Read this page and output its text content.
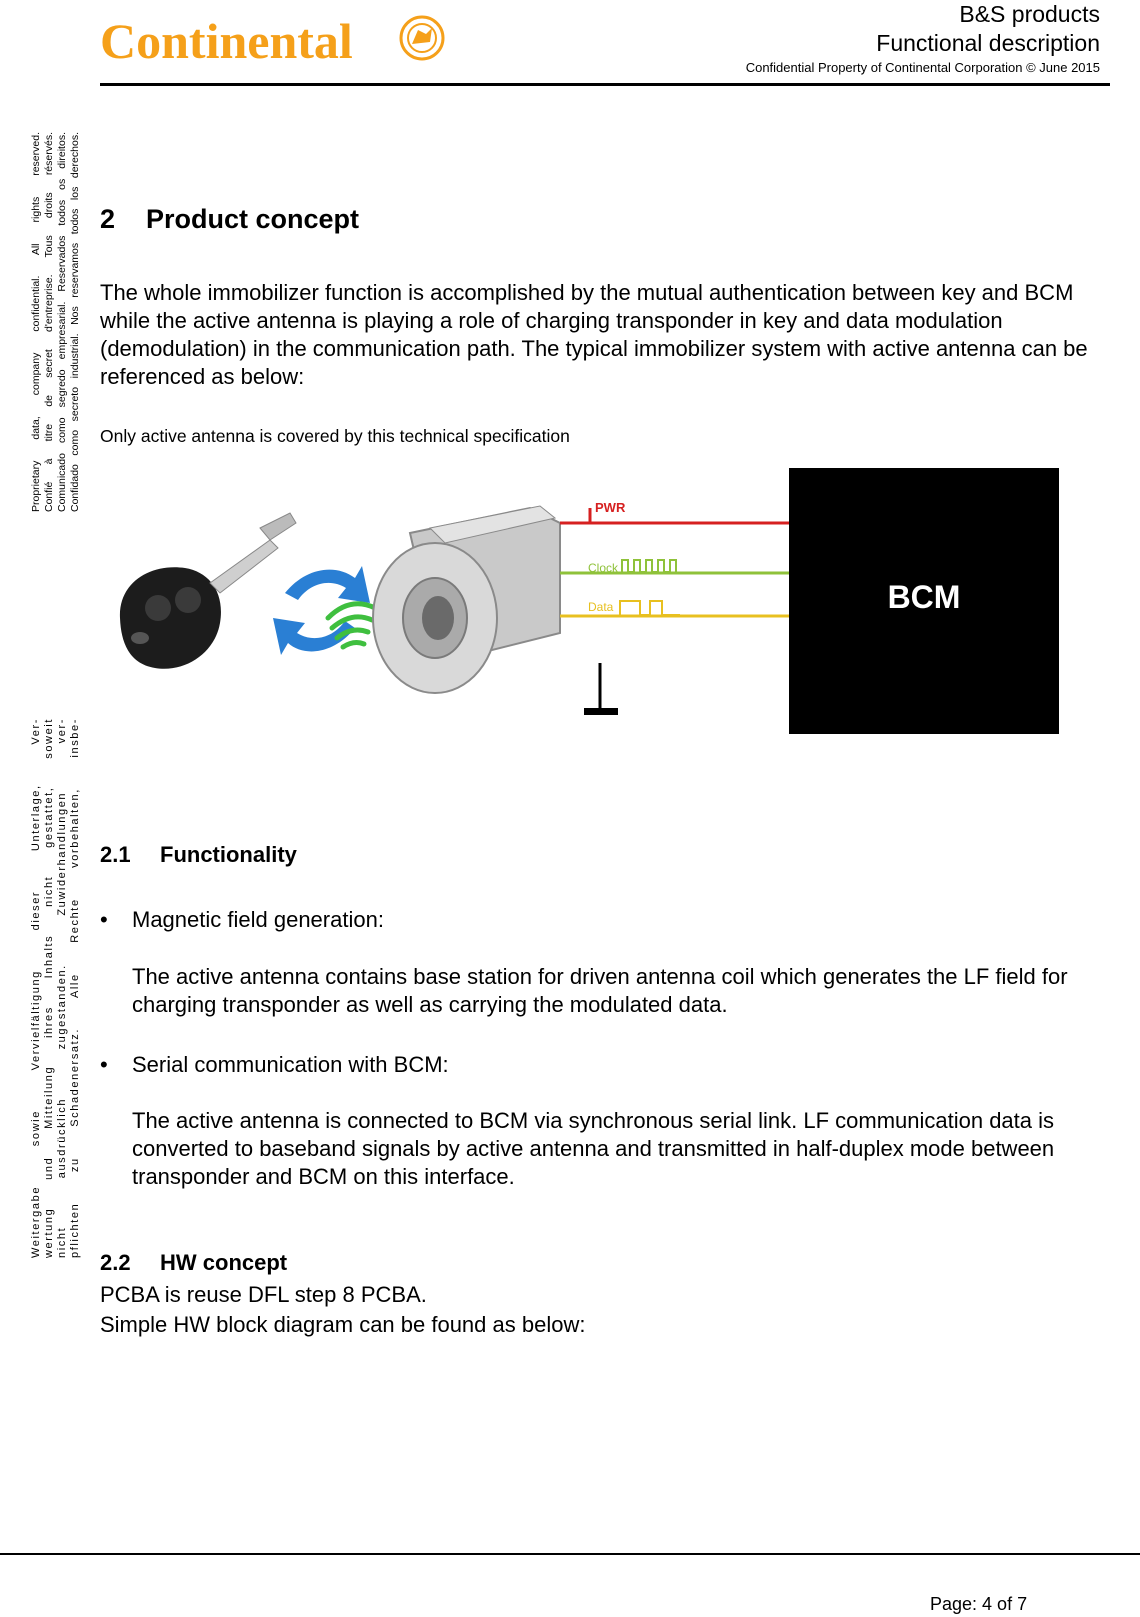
Continental	B&S products
Functional description
Confidential Property of Continental Corporation © June 2015
Proprietary data, company confidential. All rights reserved. Confié à titre de secret d'entreprise. Tous droits réservés. Comunicado como segredo empresarial. Reservados todos os direitos. Confidado como secreto industrial. Nos reservamos todos los derechos.
Weitergabe sowie Vervielfältigung dieser Unterlage, Ver- wertung und Mitteilung ihres Inhalts nicht gestattet, soweit nicht ausdrücklich zugestanden. Zuwiderhandlungen ver- pflichten zu Schadenersatz. Alle Rechte vorbehalten, insbe-
2 Product concept
The whole immobilizer function is accomplished by the mutual authentication between key and BCM while the active antenna is playing a role of charging transponder in key and data modulation (demodulation) in the communication path. The typical immobilizer system with active antenna can be referenced as below:
Only active antenna is covered by this technical specification
PWR
Clock
Data	BCM
2.1 Functionality
• Magnetic field generation:
The active antenna contains base station for driven antenna coil which generates the LF field for charging transponder as well as carrying the modulated data.
• Serial communication with BCM:
The active antenna is connected to BCM via synchronous serial link. LF communication data is converted to baseband signals by active antenna and transmitted in half-duplex mode between transponder and BCM on this interface.
2.2 HW concept
PCBA is reuse DFL step 8 PCBA.
Simple HW block diagram can be found as below:
Page: 4 of 7
